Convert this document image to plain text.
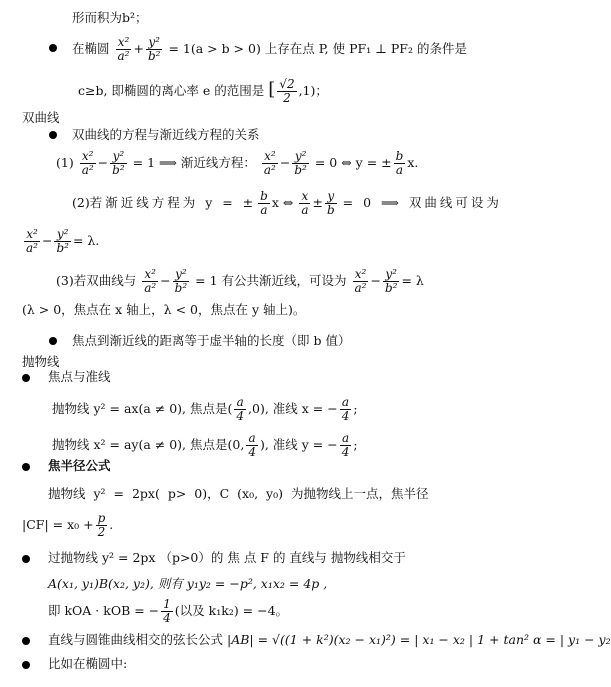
形而积为b²；
在椭圆 $\frac{\text{x²}}{\text{a²}} + \frac{\text{y²}}{\text{b²}} = 1(a > b > 0)$ 上存在点 P, 使 PF₁ ⊥ PF₂ 的条件是
c≥b, 即椭圆的离心率 e 的范围是 [ $\frac{√2}{2} ,1$)；
双曲线
双曲线的方程与渐近线方程的关系
$(1) \frac{\text{x²}}{\text{a²}} - \frac{\text{y²}}{\text{b²}} = 1$ ⟹ 渐近线方程： $\frac{\text{x²}}{\text{a²}} - \frac{\text{y²}}{\text{b²}} = 0$ ⇔ y = ± $\frac{b}{a} x$.
(2)若渐近线方程为 y = ± $\frac{b}{a}$ x ⇔ $\frac{x}{a} \pm \frac{y}{b} = 0$ ⟹ 双曲线可设为
$\frac{\text{x²}}{\text{a²}} - \frac{\text{y²}}{\text{b²}} = \lambda$.
(3)若双曲线与 $\frac{\text{x²}}{\text{a²}} - \frac{\text{y²}}{\text{b²}} = 1$ 有公共渐近线，可设为 $\frac{\text{x²}}{\text{a²}} - \frac{\text{y²}}{\text{b²}} = \lambda$
(λ > 0，焦点在 x 轴上，λ < 0，焦点在 y 轴上)。
焦点到渐近线的距离等于虚半轴的长度（即 b 值）
抛物线
焦点与准线
抛物线 y² = ax(a ≠ 0), 焦点是( $\frac{a}{4} ,0$), 准线 x = − $\frac{a}{4}$ ;
抛物线 x² = ay(a ≠ 0), 焦点是(0, $\frac{a}{4}$ ), 准线 y = − $\frac{a}{4}$ ;
焦半径公式
抛物线 y² = 2px( p> 0)，C (x₀, y₀) 为抛物线上一点，焦半径
$|CF| = x_0 + \frac{p}{2}$ .
过抛物线 y² = 2px （p>0）的 焦 点 F 的 直线与 抛物线相交于
A(x₁, y₁)B(x₂, y₂), 则有 y₁y₂ = −p², x₁x₂ = 4p ,
即 kOA · kOB = − $\frac{1}{4}$ (以及 k₁k₂) = −4。
直线与圆锥曲线相交的弦长公式 |AB| = √((1 + k²)(x₂ − x₁)²) = | x₁ − x₂ | 1 + tan² α = | y₁ − y₂
比如在椭圆中:
